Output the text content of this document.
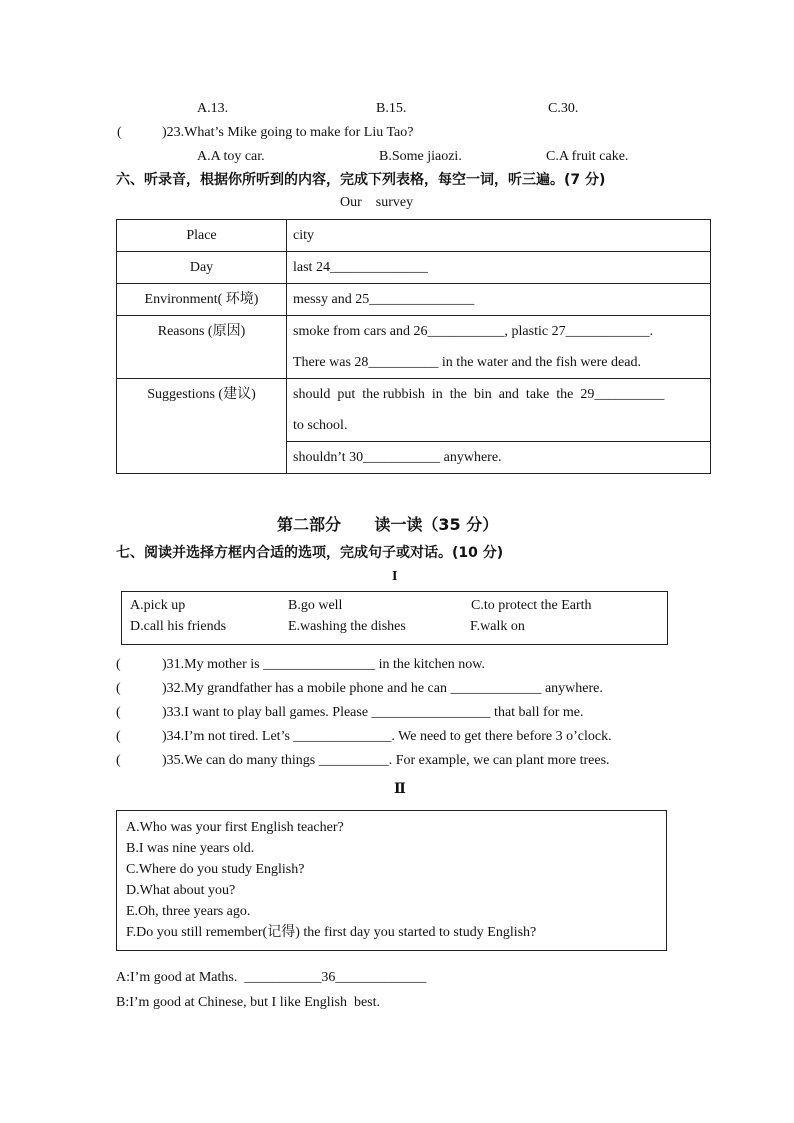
A.13.	B.15.	C.30.
(	)23.What’s Mike going to make for Liu Tao?
A.A toy car.	B.Some jiaozi.	C.A fruit cake.
六、听录音，根据你所听到的内容，完成下列表格，每空一词，听三遍。(7 分)
Our    survey
Place	city

Day	last 24______________

Environment( 环境)	messy and 25_______________

Reasons (原因)	smoke from cars and 26___________, plastic 27____________.
There was 28__________ in the water and the fish were dead.

Suggestions (建议)	should  put  the rubbish  in  the  bin  and  take  the  29__________
to school.
shouldn’t 30___________ anywhere.
第二部分      读一读（35 分）
七、阅读并选择方框内合适的选项，完成句子或对话。(10 分)
I
A.pick up	B.go well	C.to protect the Earth
D.call his friends	E.washing the dishes	F.walk on
(	)31.My mother is ________________ in the kitchen now.
(	)32.My grandfather has a mobile phone and he can _____________ anywhere.
(	)33.I want to play ball games. Please _________________ that ball for me.
(	)34.I’m not tired. Let’s ______________. We need to get there before 3 o’clock.
(	)35.We can do many things __________. For example, we can plant more trees.
Ⅱ
A.Who was your first English teacher?
B.I was nine years old.
C.Where do you study English?
D.What about you?
E.Oh, three years ago.
F.Do you still remember(记得) the first day you started to study English?
A:I’m good at Maths.  ___________36_____________
B:I’m good at Chinese, but I like English  best.
